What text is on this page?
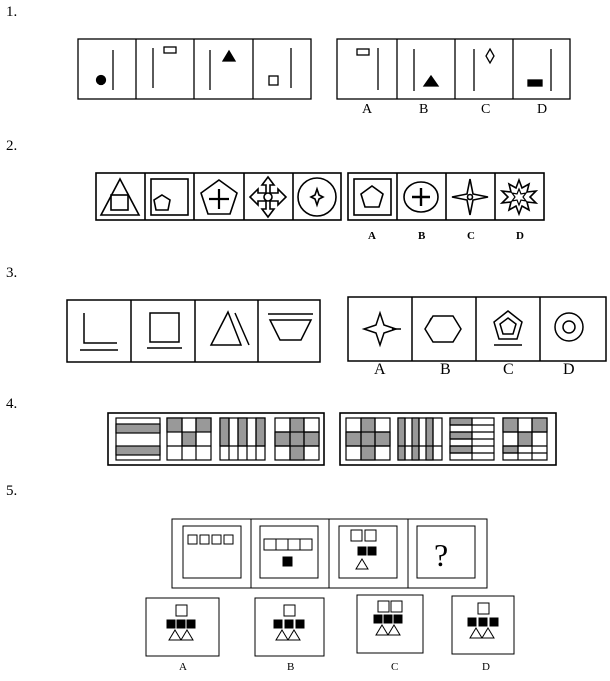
1.
2.
3.
4.
5.
A	B	C	D
A	B	C	D
A	B	C	D
?
A	B	C	D
